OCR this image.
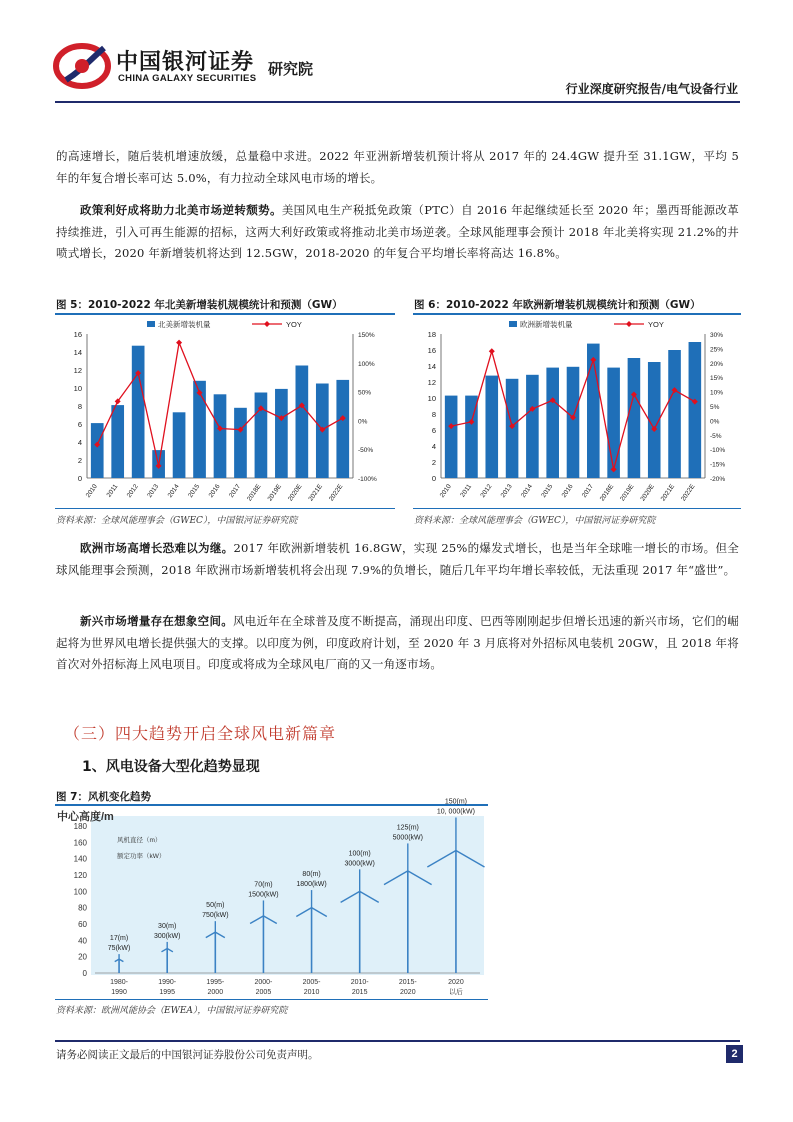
中国银河证券
CHINA GALAXY SECURITIES
研究院
行业深度研究报告/电气设备行业
的高速增长，随后装机增速放缓，总量稳中求进。2022 年亚洲新增装机预计将从 2017 年的 24.4GW 提升至 31.1GW，平均 5 年的年复合增长率可达 5.0%，有力拉动全球风电市场的增长。
政策利好成将助力北美市场逆转颓势。美国风电生产税抵免政策（PTC）自 2016 年起继续延长至 2020 年；墨西哥能源改革持续推进，引入可再生能源的招标，这两大利好政策或将推动北美市场逆袭。全球风能理事会预计 2018 年北美将实现 21.2%的井喷式增长，2020 年新增装机将达到 12.5GW，2018-2020 的年复合平均增长率将高达 16.8%。
图 5：2010-2022 年北美新增装机规模统计和预测（GW）
0
2
4
6
8
10
12
14
16
-100%
-50%
0%
50%
100%
150%
2010 2011 2012 2013 2014 2015 2016 2017 2018E 2019E 2020E 2021E 2022E
北美新增装机量	YOY
资料来源：全球风能理事会（GWEC），中国银河证券研究院
图 6：2010-2022 年欧洲新增装机规模统计和预测（GW）
0
2
4
6
8
10
12
14
16
18
-20%
-15%
-10%
-5%
0%
5%
10%
15%
20%
25%
30%
2010 2011 2012 2013 2014 2015 2016 2017 2018E 2019E 2020E 2021E 2022E
欧洲新增装机量	YOY
资料来源：全球风能理事会（GWEC），中国银河证券研究院
欧洲市场高增长恐难以为继。2017 年欧洲新增装机 16.8GW，实现 25%的爆发式增长，也是当年全球唯一增长的市场。但全球风能理事会预测，2018 年欧洲市场新增装机将会出现 7.9%的负增长，随后几年平均年增长率较低，无法重现 2017 年“盛世”。
新兴市场增量存在想象空间。风电近年在全球普及度不断提高，涌现出印度、巴西等刚刚起步但增长迅速的新兴市场，它们的崛起将为世界风电增长提供强大的支撑。以印度为例，印度政府计划，至 2020 年 3 月底将对外招标风电装机 20GW，且 2018 年将首次对外招标海上风电项目。印度或将成为全球风电厂商的又一角逐市场。
（三）四大趋势开启全球风电新篇章
1、风电设备大型化趋势显现
图 7：风机变化趋势
中心高度/m
0
20
40
60
80
100
120
140
160
180
风机直径（m）
额定功率（kW）
17(m)
75(kW)
1980-
1990
30(m)
300(kW)
1990-
1995
50(m)
750(kW)
1995-
2000
70(m)
1500(kW)
2000-
2005
80(m)
1800(kW)
2005-
2010
100(m)
3000(kW)
2010-
2015
125(m)
5000(kW)
2015-
2020
150(m)
10, 000(kW)
2020
以后
资料来源：欧洲风能协会（EWEA），中国银河证券研究院
请务必阅读正文最后的中国银河证券股份公司免责声明。	2
